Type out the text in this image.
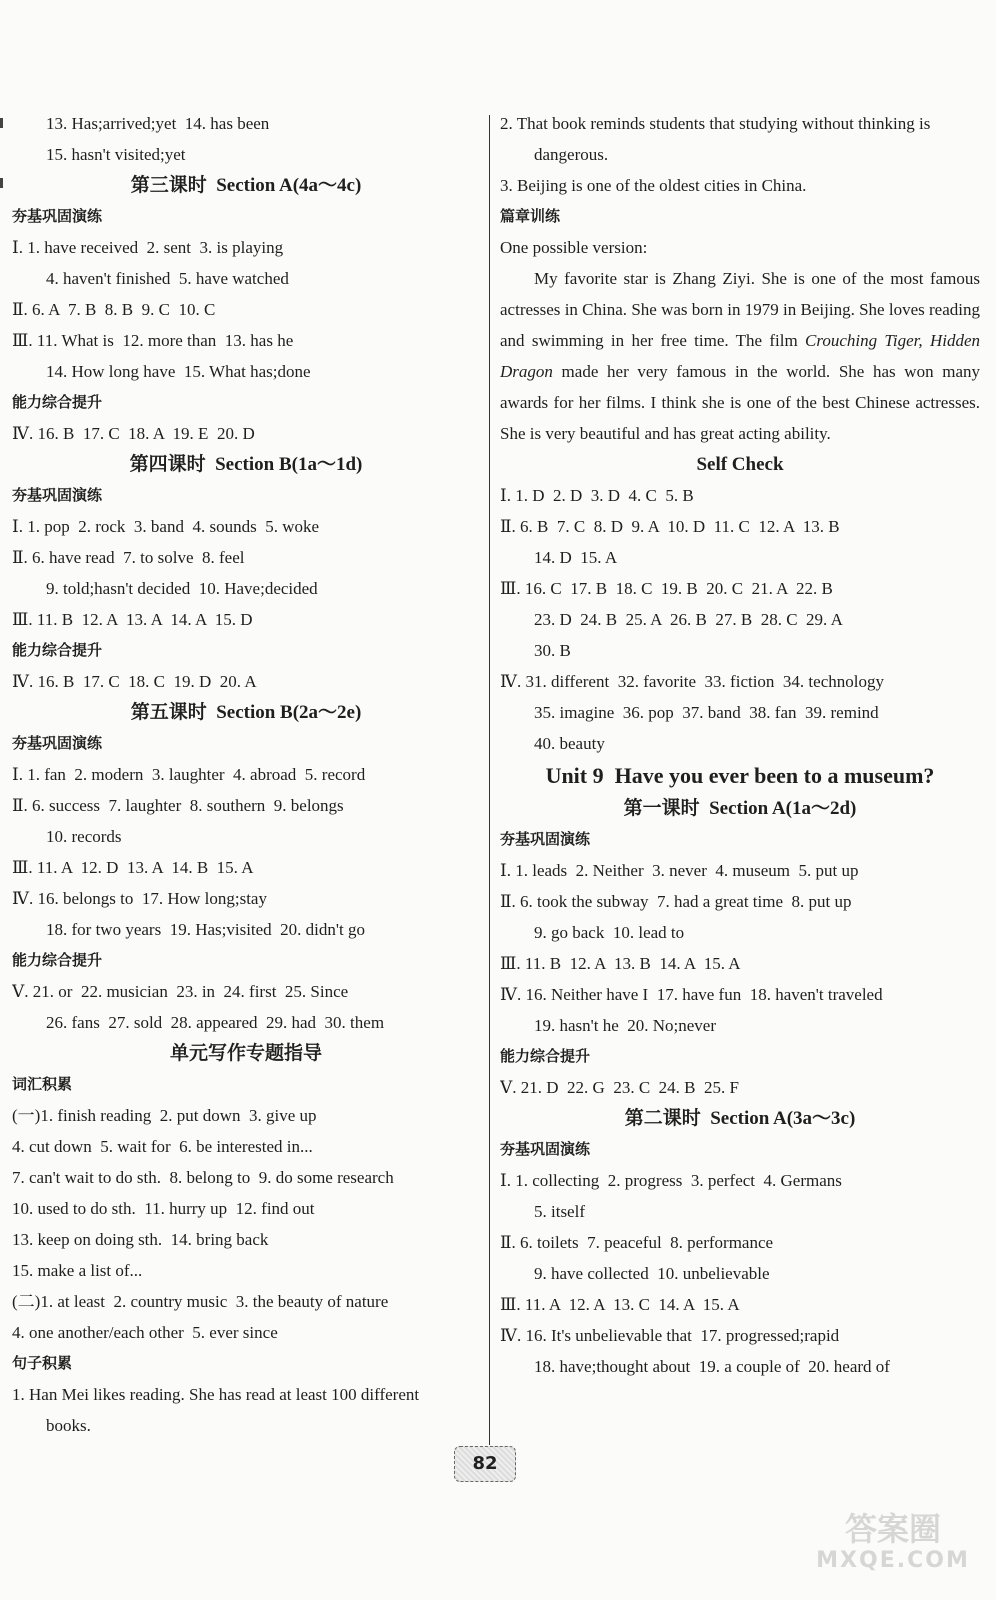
13. Has;arrived;yet  14. has been
15. hasn't visited;yet
第三课时  Section A(4a～4c)
夯基巩固演练
Ⅰ. 1. have received  2. sent  3. is playing
4. haven't finished  5. have watched
Ⅱ. 6. A  7. B  8. B  9. C  10. C
Ⅲ. 11. What is  12. more than  13. has he
14. How long have  15. What has;done
能力综合提升
Ⅳ. 16. B  17. C  18. A  19. E  20. D
第四课时  Section B(1a～1d)
夯基巩固演练
Ⅰ. 1. pop  2. rock  3. band  4. sounds  5. woke
Ⅱ. 6. have read  7. to solve  8. feel
9. told;hasn't decided  10. Have;decided
Ⅲ. 11. B  12. A  13. A  14. A  15. D
能力综合提升
Ⅳ. 16. B  17. C  18. C  19. D  20. A
第五课时  Section B(2a～2e)
夯基巩固演练
Ⅰ. 1. fan  2. modern  3. laughter  4. abroad  5. record
Ⅱ. 6. success  7. laughter  8. southern  9. belongs
10. records
Ⅲ. 11. A  12. D  13. A  14. B  15. A
Ⅳ. 16. belongs to  17. How long;stay
18. for two years  19. Has;visited  20. didn't go
能力综合提升
Ⅴ. 21. or  22. musician  23. in  24. first  25. Since
26. fans  27. sold  28. appeared  29. had  30. them
单元写作专题指导
词汇积累
(一)1. finish reading  2. put down  3. give up
4. cut down  5. wait for  6. be interested in...
7. can't wait to do sth.  8. belong to  9. do some research
10. used to do sth.  11. hurry up  12. find out
13. keep on doing sth.  14. bring back
15. make a list of...
(二)1. at least  2. country music  3. the beauty of nature
4. one another/each other  5. ever since
句子积累
1. Han Mei likes reading. She has read at least 100 different
books.
2. That book reminds students that studying without thinking is
dangerous.
3. Beijing is one of the oldest cities in China.
篇章训练
One possible version:
My favorite star is Zhang Ziyi. She is one of the most famous actresses in China. She was born in 1979 in Beijing. She loves reading and swimming in her free time. The film Crouching Tiger, Hidden Dragon made her very famous in the world. She has won many awards for her films. I think she is one of the best Chinese actresses. She is very beautiful and has great acting ability.
Self Check
Ⅰ. 1. D  2. D  3. D  4. C  5. B
Ⅱ. 6. B  7. C  8. D  9. A  10. D  11. C  12. A  13. B
14. D  15. A
Ⅲ. 16. C  17. B  18. C  19. B  20. C  21. A  22. B
23. D  24. B  25. A  26. B  27. B  28. C  29. A
30. B
Ⅳ. 31. different  32. favorite  33. fiction  34. technology
35. imagine  36. pop  37. band  38. fan  39. remind
40. beauty
Unit 9  Have you ever been to a museum?
第一课时  Section A(1a～2d)
夯基巩固演练
Ⅰ. 1. leads  2. Neither  3. never  4. museum  5. put up
Ⅱ. 6. took the subway  7. had a great time  8. put up
9. go back  10. lead to
Ⅲ. 11. B  12. A  13. B  14. A  15. A
Ⅳ. 16. Neither have I  17. have fun  18. haven't traveled
19. hasn't he  20. No;never
能力综合提升
Ⅴ. 21. D  22. G  23. C  24. B  25. F
第二课时  Section A(3a～3c)
夯基巩固演练
Ⅰ. 1. collecting  2. progress  3. perfect  4. Germans
5. itself
Ⅱ. 6. toilets  7. peaceful  8. performance
9. have collected  10. unbelievable
Ⅲ. 11. A  12. A  13. C  14. A  15. A
Ⅳ. 16. It's unbelievable that  17. progressed;rapid
18. have;thought about  19. a couple of  20. heard of
82
答案圈
MXQE.COM
